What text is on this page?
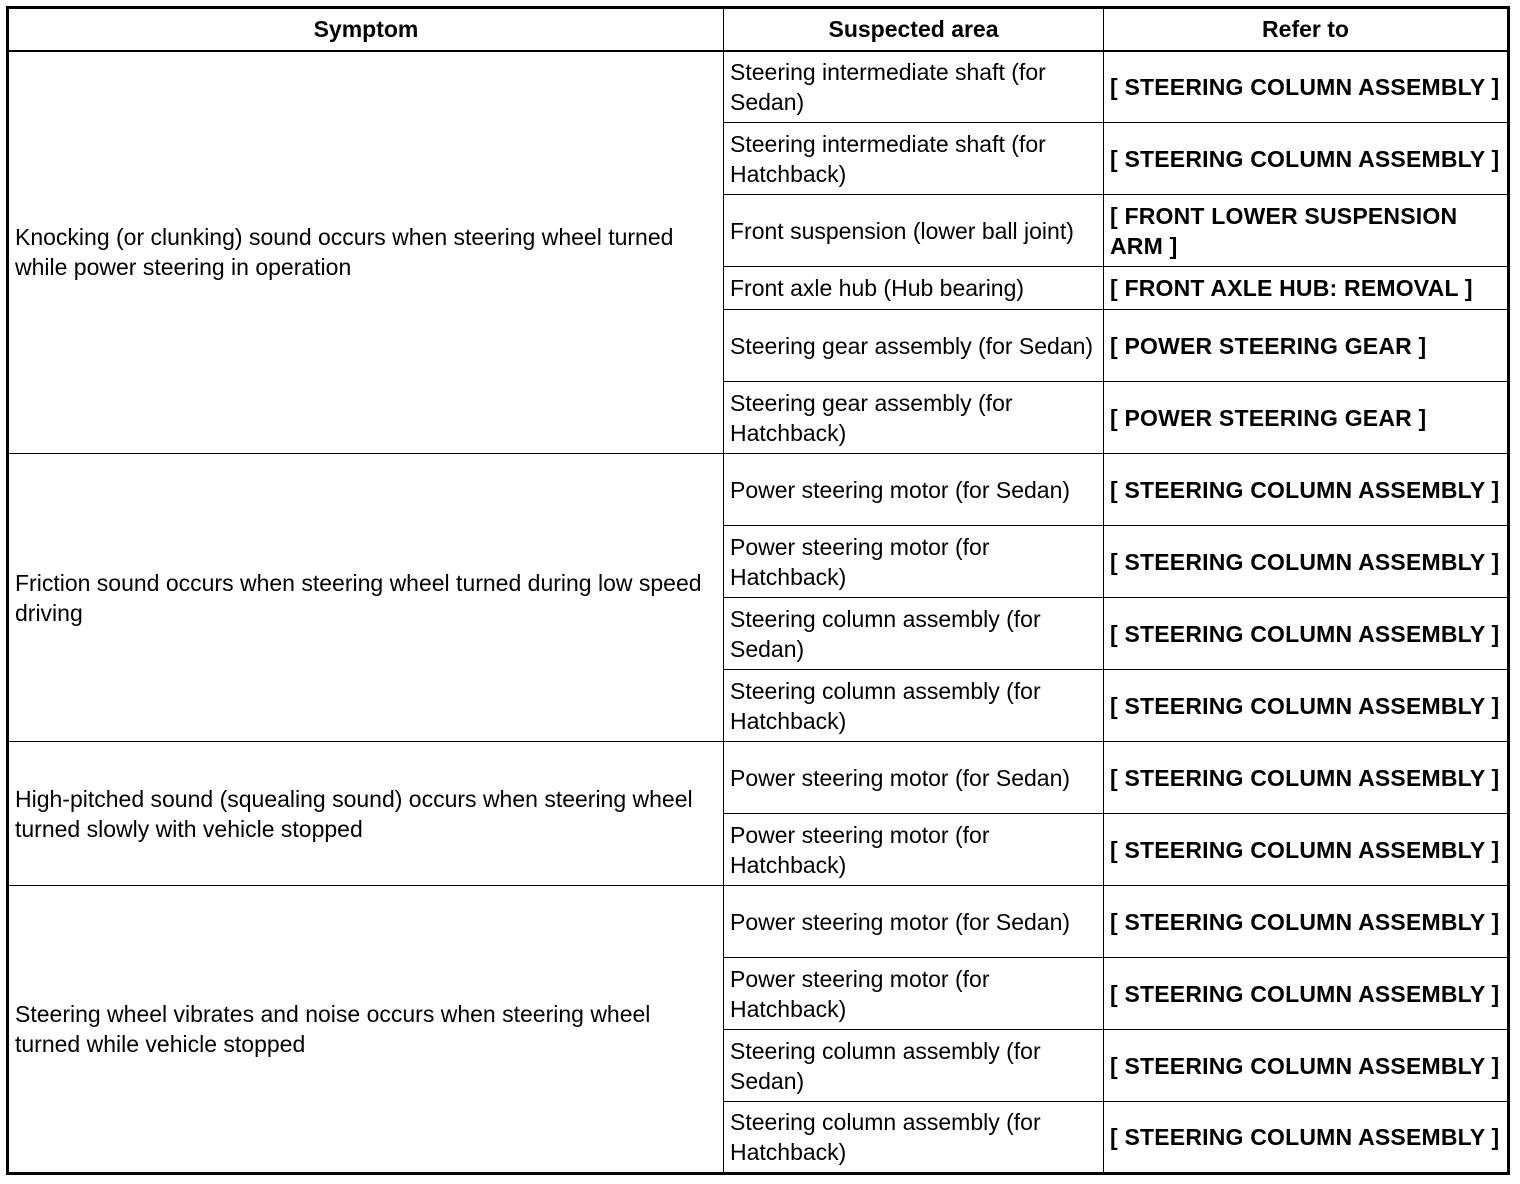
Symptom	Suspected area	Refer to
Knocking (or clunking) sound occurs when steering wheel turned while power steering in operation	Steering intermediate shaft (for Sedan)	[ STEERING COLUMN ASSEMBLY ]
	Steering intermediate shaft (for Hatchback)	[ STEERING COLUMN ASSEMBLY ]
	Front suspension (lower ball joint)	[ FRONT LOWER SUSPENSION ARM ]
	Front axle hub (Hub bearing)	[ FRONT AXLE HUB: REMOVAL ]
	Steering gear assembly (for Sedan)	[ POWER STEERING GEAR ]
	Steering gear assembly (for Hatchback)	[ POWER STEERING GEAR ]
Friction sound occurs when steering wheel turned during low speed driving	Power steering motor (for Sedan)	[ STEERING COLUMN ASSEMBLY ]
	Power steering motor (for Hatchback)	[ STEERING COLUMN ASSEMBLY ]
	Steering column assembly (for Sedan)	[ STEERING COLUMN ASSEMBLY ]
	Steering column assembly (for Hatchback)	[ STEERING COLUMN ASSEMBLY ]
High-pitched sound (squealing sound) occurs when steering wheel turned slowly with vehicle stopped	Power steering motor (for Sedan)	[ STEERING COLUMN ASSEMBLY ]
	Power steering motor (for Hatchback)	[ STEERING COLUMN ASSEMBLY ]
Steering wheel vibrates and noise occurs when steering wheel turned while vehicle stopped	Power steering motor (for Sedan)	[ STEERING COLUMN ASSEMBLY ]
	Power steering motor (for Hatchback)	[ STEERING COLUMN ASSEMBLY ]
	Steering column assembly (for Sedan)	[ STEERING COLUMN ASSEMBLY ]
	Steering column assembly (for Hatchback)	[ STEERING COLUMN ASSEMBLY ]
